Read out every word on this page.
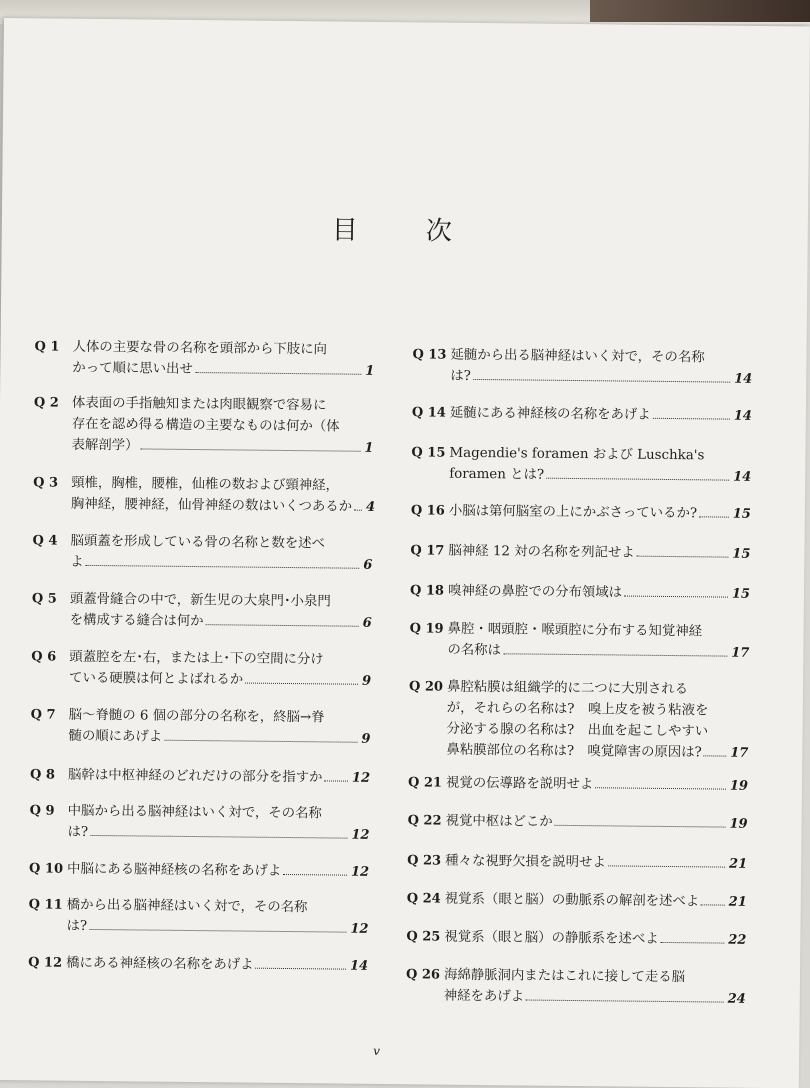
目	次
Q 1 人体の主要な骨の名称を頭部から下肢に向
かって順に思い出せ	1
Q 2 体表面の手指触知または肉眼観察で容易に
存在を認め得る構造の主要なものは何か（体
表解剖学）	1
Q 3 頸椎，胸椎，腰椎，仙椎の数および頸神経，
胸神経，腰神経，仙骨神経の数はいくつあるか 4
Q 4 脳頭蓋を形成している骨の名称と数を述べ
よ	6
Q 5 頭蓋骨縫合の中で，新生児の大泉門･小泉門
を構成する縫合は何か	6
Q 6 頭蓋腔を左･右，または上･下の空間に分け
ている硬膜は何とよばれるか	9
Q 7 脳〜脊髄の 6 個の部分の名称を，終脳→脊
髄の順にあげよ	9
Q 8 脳幹は中枢神経のどれだけの部分を指すか 12
Q 9 中脳から出る脳神経はいく対で，その名称
は?	12
Q 10 中脳にある脳神経核の名称をあげよ	12
Q 11 橋から出る脳神経はいく対で，その名称
は?	12
Q 12 橋にある神経核の名称をあげよ	14
Q 13 延髄から出る脳神経はいく対で，その名称
は?	14
Q 14 延髄にある神経核の名称をあげよ	14
Q 15 Magendie's foramen および Luschka's
foramen とは?	14
Q 16 小脳は第何脳室の上にかぶさっているか?	15
Q 17 脳神経 12 対の名称を列記せよ	15
Q 18 嗅神経の鼻腔での分布領域は	15
Q 19 鼻腔・咽頭腔・喉頭腔に分布する知覚神経
の名称は	17
Q 20 鼻腔粘膜は組織学的に二つに大別される
が，それらの名称は?　嗅上皮を被う粘液を
分泌する腺の名称は?　出血を起こしやすい
鼻粘膜部位の名称は?　嗅覚障害の原因は? 17
Q 21 視覚の伝導路を説明せよ	19
Q 22 視覚中枢はどこか	19
Q 23 種々な視野欠損を説明せよ	21
Q 24 視覚系（眼と脳）の動脈系の解剖を述べよ 21
Q 25 視覚系（眼と脳）の静脈系を述べよ	22
Q 26 海綿静脈洞内またはこれに接して走る脳
神経をあげよ	24
v
